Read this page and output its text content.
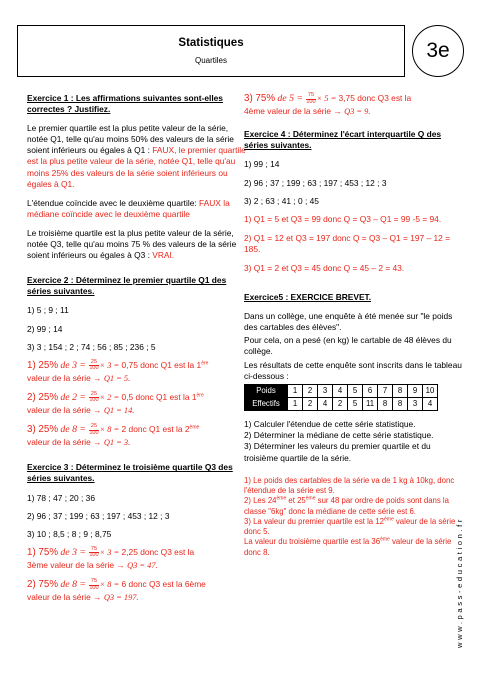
Statistiques
Quartiles	3e
Exercice 1 : Les affirmations suivantes sont-elles correctes ? Justifiez.

Le premier quartile est la plus petite valeur de la série, notée Q1, telle qu'au moins 50% des valeurs de la série soient inférieurs ou égales à Q1 : FAUX, le premier quartile est la plus petite valeur de la série, notée Q1, telle qu'au moins 25% des valeurs de la série soient inférieurs ou égales à Q1.

L'étendue coïncide avec le deuxième quartile: FAUX la médiane coïncide avec le deuxième quartile

Le troisième quartile est la plus petite valeur de la série, notée Q3, telle qu'au moins 75 % des valeurs de la série soient inférieurs ou égales à Q3 : VRAI.

Exercice 2 : Déterminez le premier quartile Q1 des séries suivantes.

1) 5 ; 9 ; 11

2) 99 ; 14

3) 3 ; 154 ; 2 ; 74 ; 56 ; 85 ; 236 ; 5

1) 25% de $3 = \frac{25}{100} \times 3 = 0,75$ donc Q1 est la 1ère
valeur de la série → Q1 = 5.

2) 25% de $2 = \frac{25}{100} \times 2 = 0,5$ donc Q1 est la 1ère
valeur de la série → Q1 = 14.

3) 25% de $8 = \frac{25}{100} \times 8 = 2$ donc Q1 est la 2ème
valeur de la série → Q1 = 3.

Exercice 3 : Déterminez le troisième quartile Q3 des séries suivantes.

1) 78 ; 47 ; 20 ; 36

2) 96 ; 37 ; 199 ; 63 ; 197 ; 453 ; 12 ; 3

3) 10 ; 8,5 ; 8 ; 9 ; 8,75

1) 75% de $3 = \frac{75}{100} \times 3 = 2,25$ donc Q3 est la
3ème valeur de la série → Q3 = 47.

2) 75% de $8 = \frac{75}{100} \times 8 = 6$ donc Q3 est la 6ème
valeur de la série → Q3 = 197.

3) 75% de $5 = \frac{75}{100} \times 5 = 3,75$ donc Q3 est la
4ème valeur de la série → Q3 = 9.

Exercice 4 : Déterminez l'écart interquartile Q des séries suivantes.

1) 99 ; 14

2) 96 ; 37 ; 199 ; 63 ; 197 ; 453 ; 12 ; 3

3) 2 ; 63 ; 41 ; 0 ; 45

1) Q1 = 5 et Q3 = 99 donc Q = Q3 – Q1 = 99 -5 = 94.

2) Q1 = 12 et Q3 = 197 donc Q = Q3 – Q1 = 197 – 12 = 185.

3) Q1 = 2 et Q3 = 45 donc Q = 45 – 2 = 43.

Exercice5 : EXERCICE BREVET.

Dans un collège, une enquête à été menée sur "le poids des cartables des élèves".

Pour cela, on a pesé (en kg) le cartable de 48 élèves du collège.

Les résultats de cette enquête sont inscrits dans le tableau ci-dessous :

Poids	1	2	3	4	5	6	7	8	9	10
Effectifs	1	2	4	2	5	11	8	8	3	4

1) Calculer l'étendue de cette série statistique.

2) Déterminer la médiane de cette série statistique.

3) Déterminer les valeurs du premier quartile et du troisième quartile de la série.

1) Le poids des cartables de la série va de 1 kg à 10kg, donc l'étendue de la série est 9.
2) Les 24ème et 25ème sur 48 par ordre de poids sont dans la classe "6kg" donc la médiane de cette série est 6.
3) La valeur du premier quartile est la 12ème valeur de la série donc 5.
La valeur du troisième quartile est la 36ème valeur de la série donc 8.	www.pass-education.fr
